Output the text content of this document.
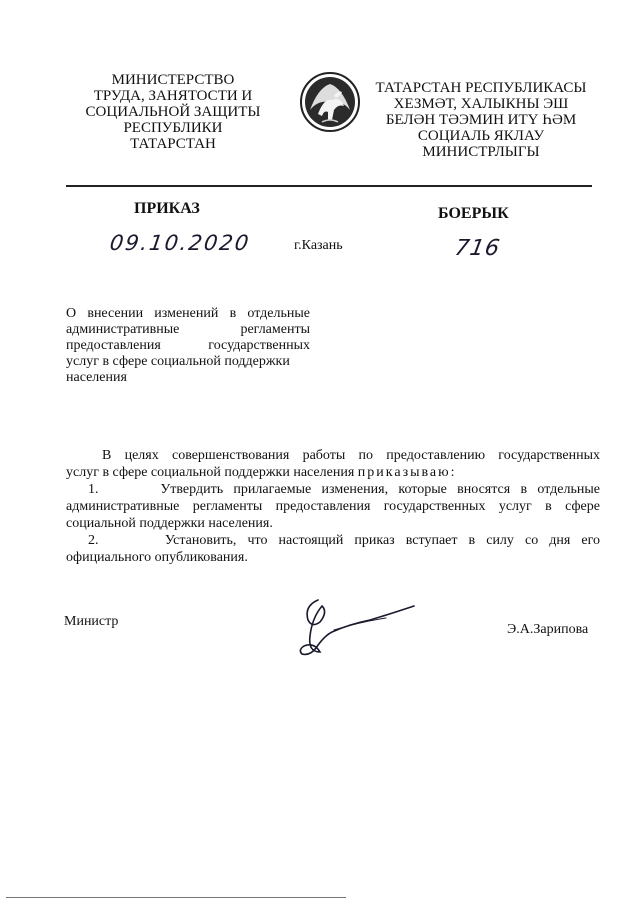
МИНИСТЕРСТВО
ТРУДА, ЗАНЯТОСТИ И
СОЦИАЛЬНОЙ ЗАЩИТЫ
РЕСПУБЛИКИ
ТАТАРСТАН
ТАТАРСТАН РЕСПУБЛИКАСЫ
ХЕЗМӘТ, ХАЛЫКНЫ ЭШ
БЕЛӘН ТӘЭМИН ИТҮ ҺӘМ
СОЦИАЛЬ ЯКЛАУ
МИНИСТРЛЫГЫ
ПРИКАЗ	БОЕРЫК
09.10.2020	г.Казань	716
О внесении изменений в отдельные
административные регламенты
предоставления государственных
услуг в сфере социальной поддержки
населения
В целях совершенствования работы по предоставлению государственных
услуг в сфере социальной поддержки населения приказываю:
1.	Утвердить прилагаемые изменения, которые вносятся в отдельные
административные регламенты предоставления государственных услуг в сфере
социальной поддержки населения.
2.	Установить, что настоящий приказ вступает в силу со дня его
официального опубликования.
Министр
Э.А.Зарипова
